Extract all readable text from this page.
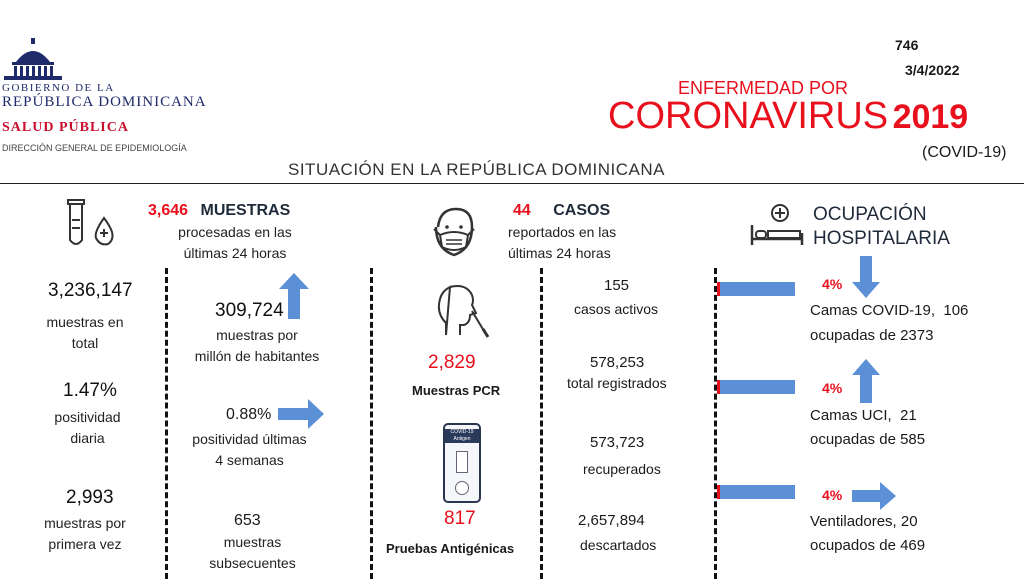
GOBIERNO DE LA
REPÚBLICA DOMINICANA
SALUD PÚBLICA
DIRECCIÓN GENERAL DE EPIDEMIOLOGÍA
746
3/4/2022
ENFERMEDAD POR
CORONAVIRUS 2019
(COVID-19)
SITUACIÓN EN LA REPÚBLICA DOMINICANA
3,646 MUESTRAS
procesadas en las
últimas 24 horas
3,236,147
muestras en
total
309,724
muestras por
millón de habitantes
1.47%
positividad
diaria
0.88%
positividad últimas
4 semanas
2,993
muestras por
primera vez
653
muestras
subsecuentes
44 CASOS
reportados en las
últimas 24 horas
2,829
Muestras PCR
COVID-19
Antigen
817
Pruebas Antigénicas
155
casos activos
578,253
total registrados
573,723
recuperados
2,657,894
descartados
OCUPACIÓN
HOSPITALARIA
4%
Camas COVID-19,  106
ocupadas de 2373
4%
Camas UCI,  21
ocupadas de 585
4%
Ventiladores, 20
ocupados de 469
